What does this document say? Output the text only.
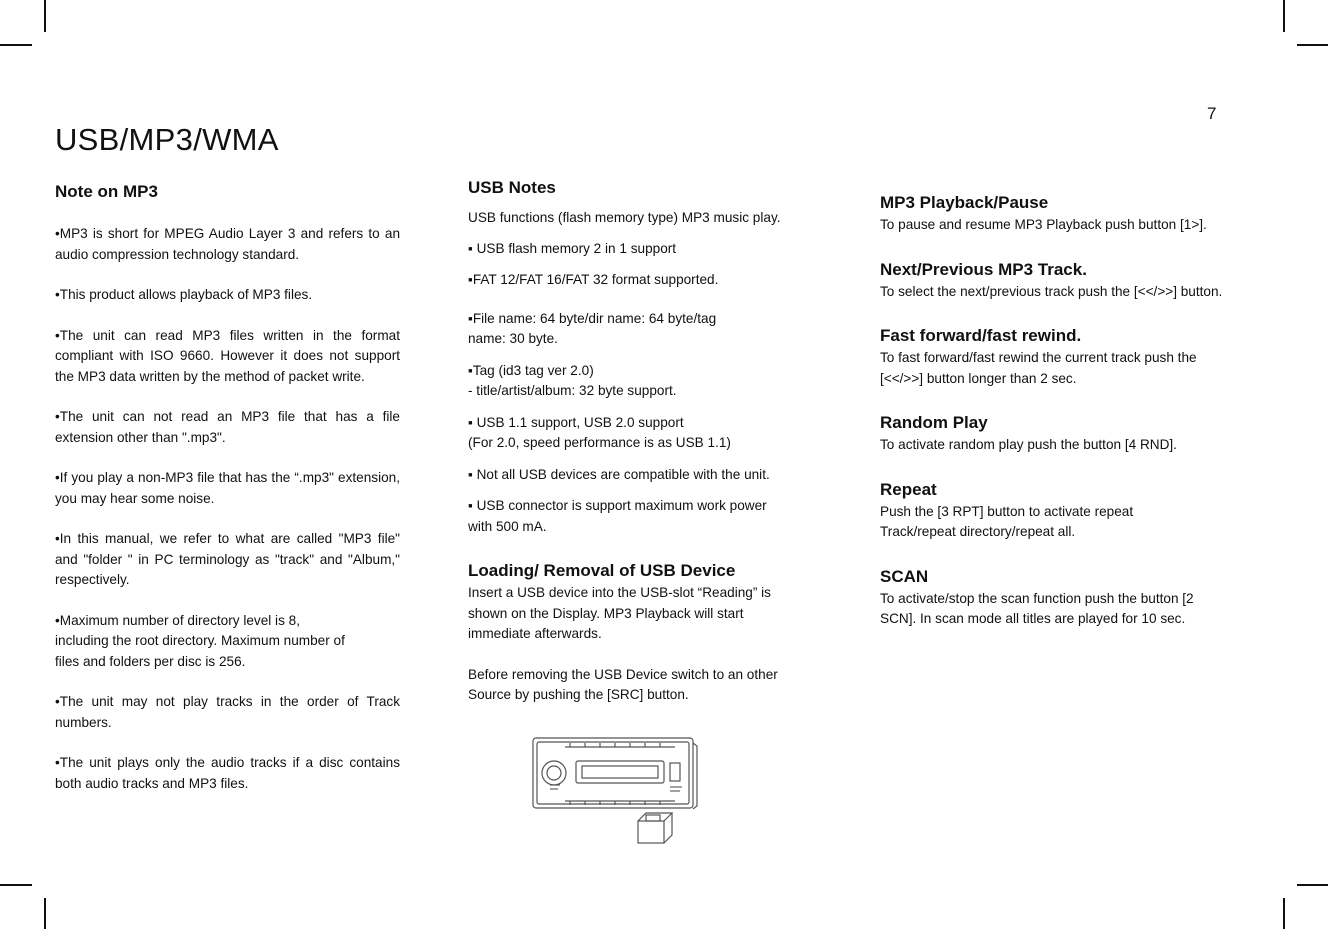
7
USB/MP3/WMA

Note on MP3

•MP3 is short for MPEG Audio Layer 3 and refers to an audio compression technology standard.

•This product allows playback of MP3 files.

•The unit can read MP3 files written in the format compliant with ISO 9660. However it does not support the MP3 data written by the method of packet write.

•The unit can not read an MP3 file that has a file extension other than ".mp3".

•If you play a non-MP3 file that has the “.mp3" extension, you may hear some noise.

•In this manual, we refer to what are called "MP3 file" and "folder " in PC terminology as "track" and "Album," respectively.

•Maximum number of directory level is 8, including the root directory. Maximum number of files and folders per disc is 256.

•The unit may not play tracks in the order of Track numbers.

•The unit plays only the audio tracks if a disc contains both audio tracks and MP3 files.

USB Notes

USB functions (flash memory type) MP3 music play.

▪ USB flash memory 2 in 1 support

▪FAT 12/FAT 16/FAT 32 format supported.

▪File name: 64 byte/dir name: 64 byte/tag
name: 30 byte.

▪Tag (id3 tag ver 2.0)
- title/artist/album: 32 byte support.

▪ USB 1.1 support, USB 2.0 support
(For 2.0, speed performance is as USB 1.1)

▪ Not all USB devices are compatible with the unit.

▪ USB connector is support maximum work power
with 500 mA.

Loading/ Removal of USB Device

Insert a USB device into the USB-slot “Reading” is shown on the Display. MP3 Playback will start immediate afterwards.

Before removing the USB Device switch to an other Source by pushing the [SRC] button.

MP3 Playback/Pause

To pause and resume MP3 Playback push button [1>].

Next/Previous MP3 Track.

To select the next/previous track push the [<</>>] button.

Fast forward/fast rewind.

To fast forward/fast rewind the current track push the [<</>>] button longer than 2 sec.

Random Play

To activate random play push the button [4 RND].

Repeat

Push the [3 RPT] button to activate repeat Track/repeat directory/repeat all.

SCAN

To activate/stop the scan function push the button [2 SCN]. In scan mode all titles are played for 10 sec.
